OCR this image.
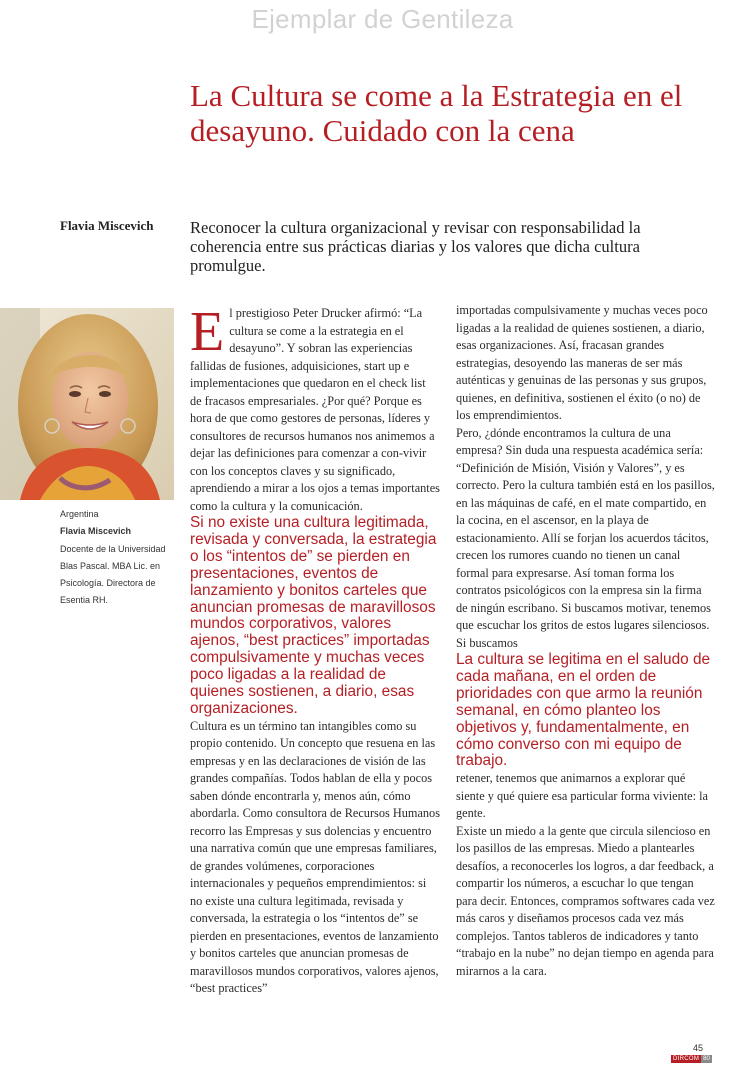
Ejemplar de Gentileza
La Cultura se come a la Estrategia en el desayuno. Cuidado con la cena
Flavia Miscevich Reconocer la cultura organizacional y revisar con responsabilidad la coherencia entre sus prácticas diarias y los valores que dicha cultura promulgue.

Argentina

Flavia Miscevich

Docente de la Universidad Blas Pascal. MBA Lic. en Psicología. Directora de Esentia RH.

El prestigioso Peter Drucker afirmó: “La cultura se come a la estrategia en el desayuno”. Y sobran las experiencias fallidas de fusiones, adquisiciones, start up e implementaciones que quedaron en el check list de fracasos empresariales. ¿Por qué? Porque es hora de que como gestores de personas, líderes y consultores de recursos humanos nos animemos a dejar las definiciones para comenzar a con-vivir con los conceptos claves y su significado, aprendiendo a mirar a los ojos a temas importantes como la cultura y la comunicación.

Si no existe una cultura legitimada, revisada y conversada, la estrategia o los “intentos de” se pierden en presentaciones, eventos de lanzamiento y bonitos carteles que anuncian promesas de maravillosos mundos corporativos, valores ajenos, “best practices” importadas compulsivamente y muchas veces poco ligadas a la realidad de quienes sostienen, a diario, esas organizaciones.

Cultura es un término tan intangibles como su propio contenido. Un concepto que resuena en las empresas y en las declaraciones de visión de las grandes compañías. Todos hablan de ella y pocos saben dónde encontrarla y, menos aún, cómo abordarla. Como consultora de Recursos Humanos recorro las Empresas y sus dolencias y encuentro una narrativa común que une empresas familiares, de grandes volúmenes, corporaciones internacionales y pequeños emprendimientos: si no existe una cultura legitimada, revisada y conversada, la estrategia o los “intentos de” se pierden en presentaciones, eventos de lanzamiento y bonitos carteles que anuncian promesas de maravillosos mundos corporativos, valores ajenos, “best practices”

importadas compulsivamente y muchas veces poco ligadas a la realidad de quienes sostienen, a diario, esas organizaciones. Así, fracasan grandes estrategias, desoyendo las maneras de ser más auténticas y genuinas de las personas y sus grupos, quienes, en definitiva, sostienen el éxito (o no) de los emprendimientos.

Pero, ¿dónde encontramos la cultura de una empresa? Sin duda una respuesta académica sería: “Definición de Misión, Visión y Valores”, y es correcto. Pero la cultura también está en los pasillos, en las máquinas de café, en el mate compartido, en la cocina, en el ascensor, en la playa de estacionamiento. Allí se forjan los acuerdos tácitos, crecen los rumores cuando no tienen un canal formal para expresarse. Así toman forma los contratos psicológicos con la empresa sin la firma de ningún escribano. Si buscamos motivar, tenemos que escuchar los gritos de estos lugares silenciosos. Si buscamos

La cultura se legitima en el saludo de cada mañana, en el orden de prioridades con que armo la reunión semanal, en cómo planteo los objetivos y, fundamentalmente, en cómo converso con mi equipo de trabajo.

retener, tenemos que animarnos a explorar qué siente y qué quiere esa particular forma viviente: la gente.

Existe un miedo a la gente que circula silencioso en los pasillos de las empresas. Miedo a plantearles desafíos, a reconocerles los logros, a dar feedback, a compartir los números, a escuchar lo que tengan para decir. Entonces, compramos softwares cada vez más caros y diseñamos procesos cada vez más complejos. Tantos tableros de indicadores y tanto “trabajo en la nube” no dejan tiempo en agenda para mirarnos a la cara.

45
DIRCOM 80
